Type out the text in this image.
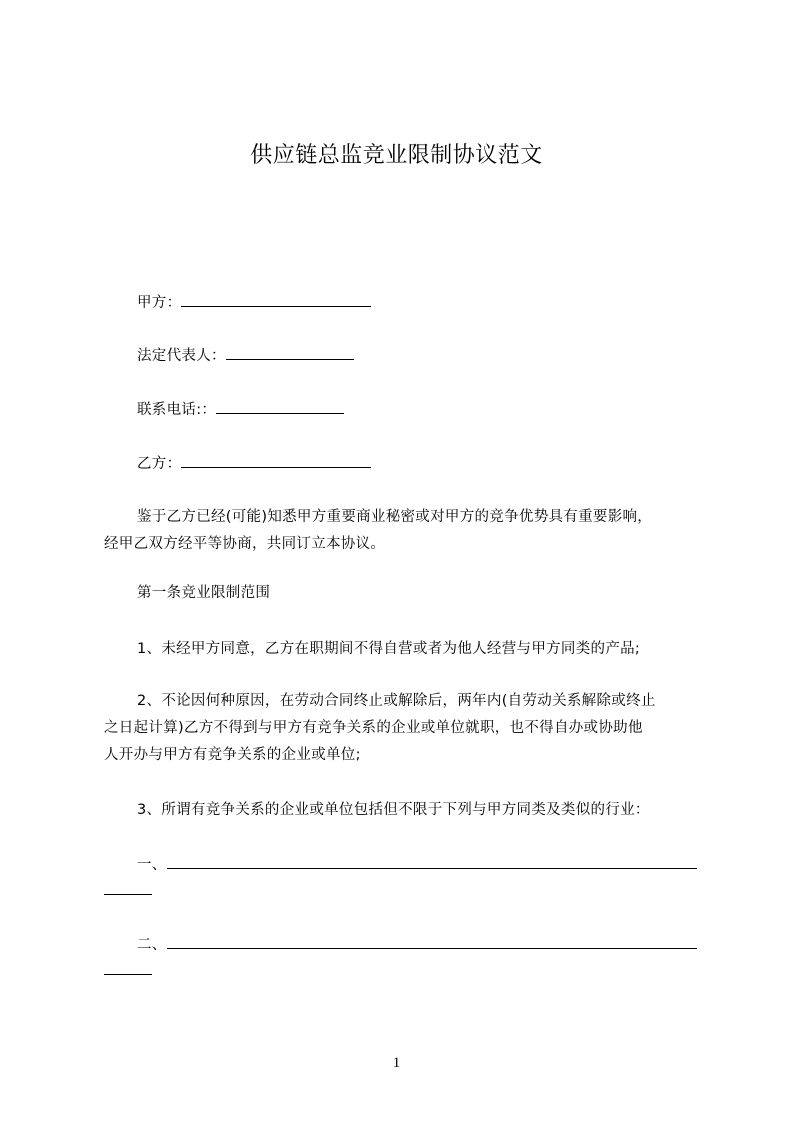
供应链总监竞业限制协议范文
甲方：
法定代表人：
联系电话:：
乙方：
鉴于乙方已经(可能)知悉甲方重要商业秘密或对甲方的竞争优势具有重要影响，
经甲乙双方经平等协商，共同订立本协议。
第一条竞业限制范围
1、未经甲方同意，乙方在职期间不得自营或者为他人经营与甲方同类的产品;
2、不论因何种原因，在劳动合同终止或解除后，两年内(自劳动关系解除或终止
之日起计算)乙方不得到与甲方有竞争关系的企业或单位就职，也不得自办或协助他
人开办与甲方有竞争关系的企业或单位;
3、所谓有竞争关系的企业或单位包括但不限于下列与甲方同类及类似的行业：
一、
二、
1
